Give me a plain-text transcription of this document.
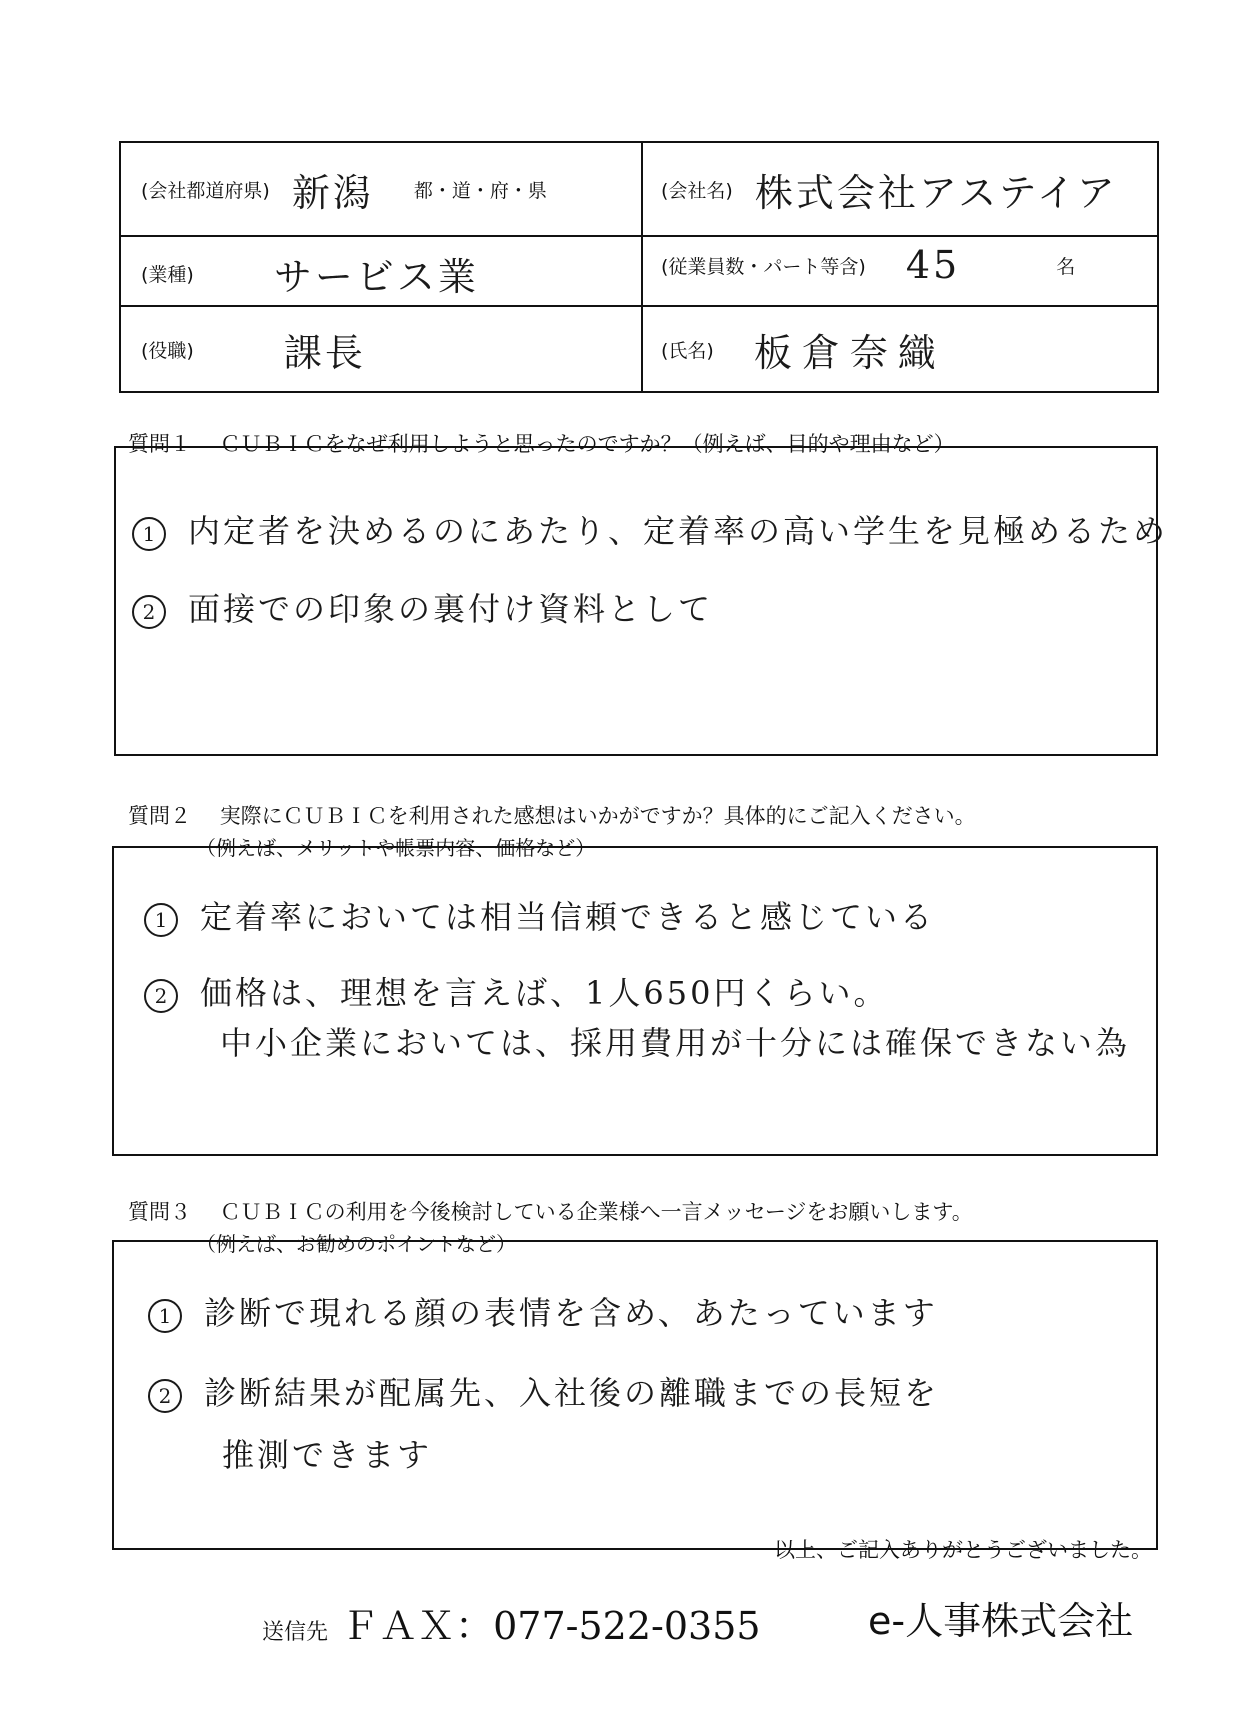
(会社都道府県) 新潟 都・道・府・県	(会社名) 株式会社アステイア
(業種) サービス業	(従業員数・パート等含) 45	名
(役職) 課長	(氏名) 板倉奈織
質問１ ＣＵＢＩＣをなぜ利用しようと思ったのですか？（例えば、目的や理由など）
1 内定者を決めるのにあたり、定着率の高い学生を見極めるため
2 面接での印象の裏付け資料として
質問２ 実際にＣＵＢＩＣを利用された感想はいかがですか？具体的にご記入ください。
（例えば、メリットや帳票内容、価格など）
1 定着率においては相当信頼できると感じている
2 価格は、理想を言えば、1人650円くらい。
中小企業においては、採用費用が十分には確保できない為
質問３ ＣＵＢＩＣの利用を今後検討している企業様へ一言メッセージをお願いします。
（例えば、お勧めのポイントなど）
1 診断で現れる顔の表情を含め、あたっています
2 診断結果が配属先、入社後の離職までの長短を
推測できます
以上、ご記入ありがとうございました。
送信先 ＦＡＸ：077-522-0355	e-人事株式会社
